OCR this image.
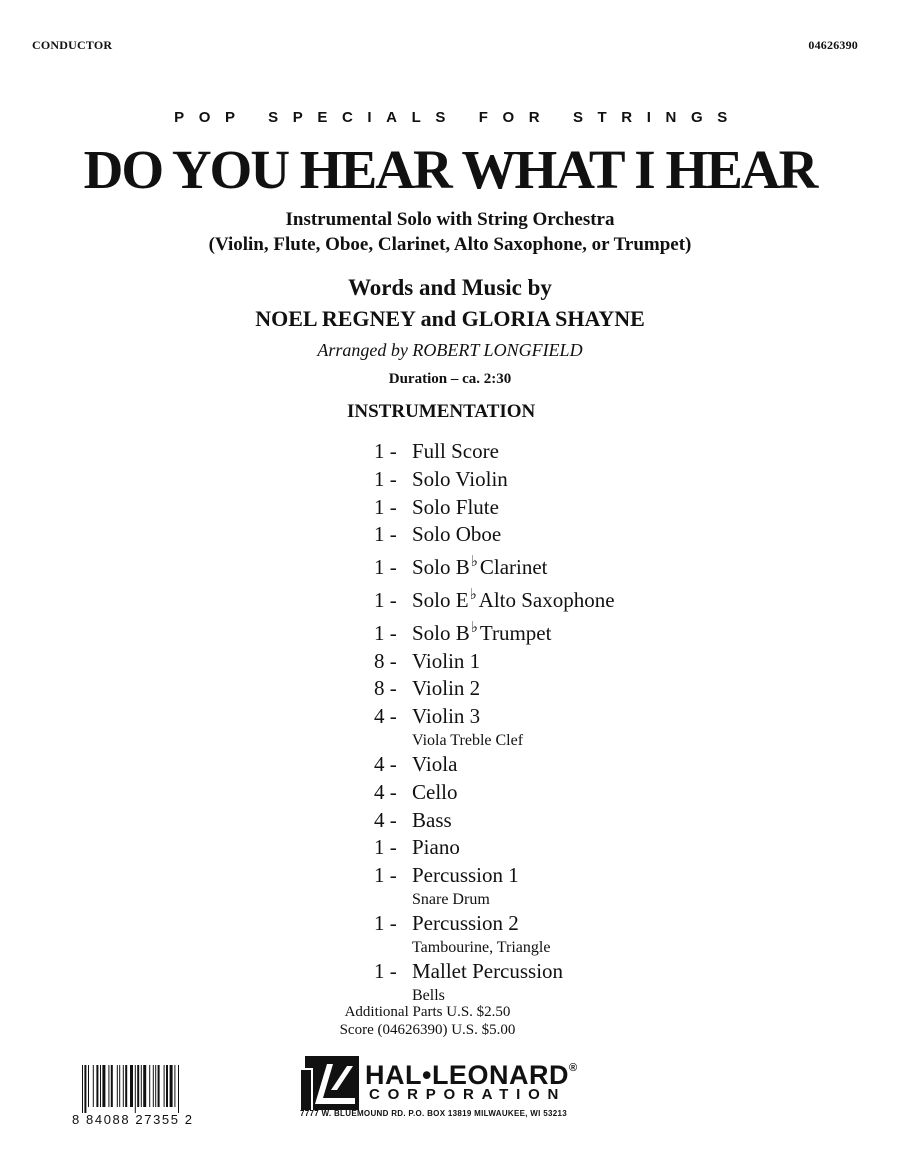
CONDUCTOR	04626390
POP SPECIALS FOR STRINGS
DO YOU HEAR WHAT I HEAR
Instrumental Solo with String Orchestra
(Violin, Flute, Oboe, Clarinet, Alto Saxophone, or Trumpet)
Words and Music by
NOEL REGNEY and GLORIA SHAYNE
Arranged by ROBERT LONGFIELD
Duration – ca. 2:30
INSTRUMENTATION
1 - Full Score
1 - Solo Violin
1 - Solo Flute
1 - Solo Oboe
1 - Solo B♭Clarinet
1 - Solo E♭Alto Saxophone
1 - Solo B♭Trumpet
8 - Violin 1
8 - Violin 2
4 - Violin 3
Viola Treble Clef
4 - Viola
4 - Cello
4 - Bass
1 - Piano
1 - Percussion 1
Snare Drum
1 - Percussion 2
Tambourine, Triangle
1 - Mallet Percussion
Bells
Additional Parts U.S. $2.50
Score (04626390) U.S. $5.00
8 84088 27355 2
HAL•LEONARD®
CORPORATION
7777 W. BLUEMOUND RD. P.O. BOX 13819 MILWAUKEE, WI 53213
